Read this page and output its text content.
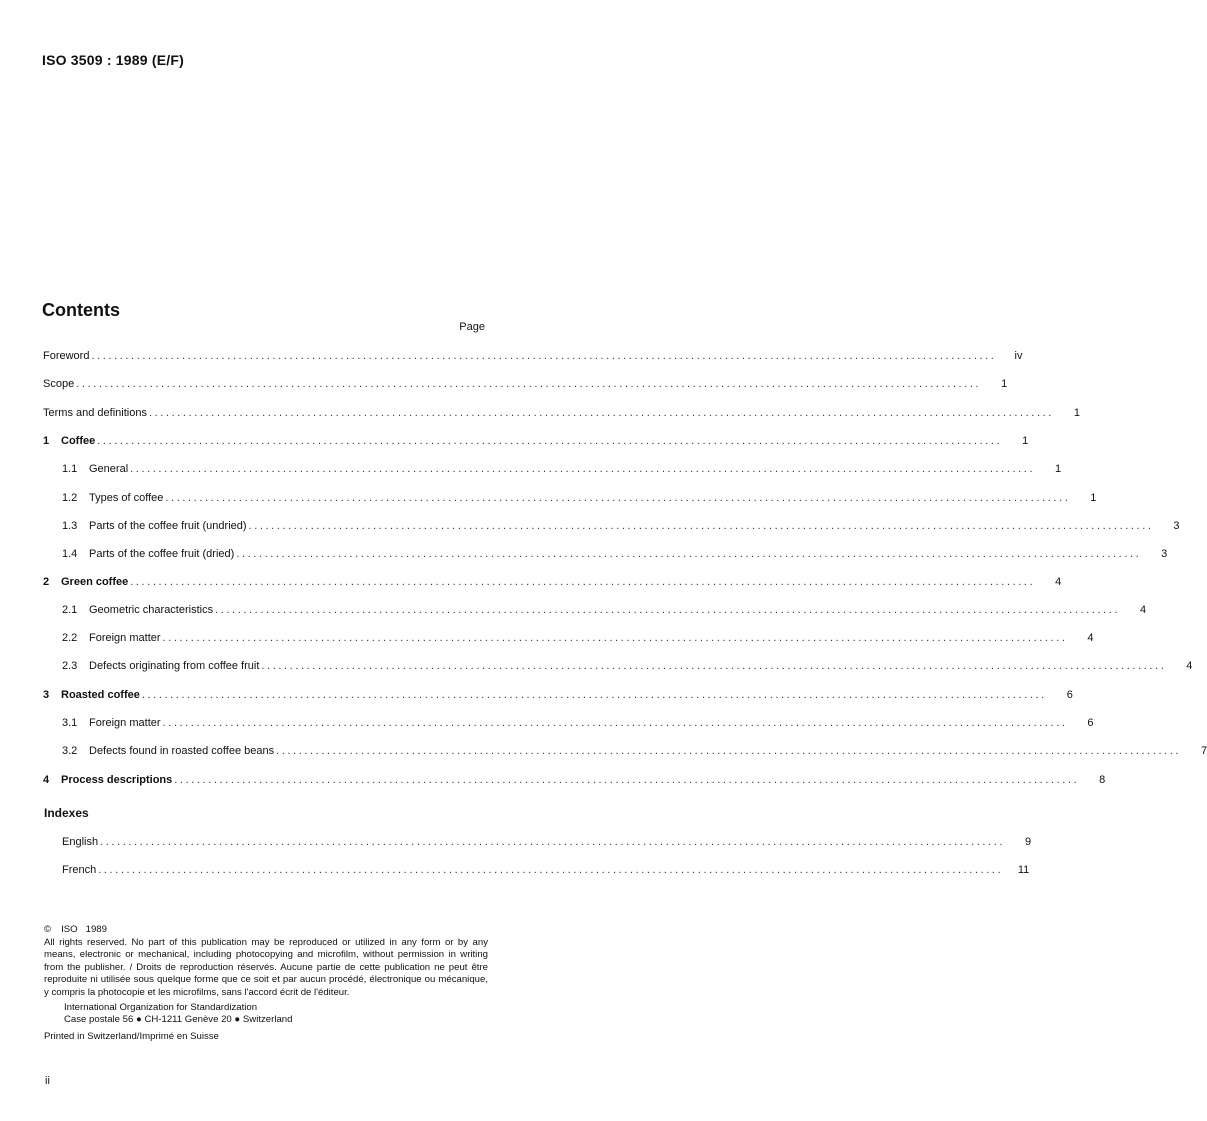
ISO 3509 : 1989 (E/F)
Contents
Page
Foreword ................................................................................................................................................................	iv
Scope ................................................................................................................................................................	1
Terms and definitions ................................................................................................................................................................	1
1	Coffee ................................................................................................................................................................	1
1.1	General ................................................................................................................................................................	1
1.2	Types of coffee ................................................................................................................................................................	1
1.3	Parts of the coffee fruit (undried) ................................................................................................................................................................	3
1.4	Parts of the coffee fruit (dried) ................................................................................................................................................................	3
2	Green coffee ................................................................................................................................................................	4
2.1	Geometric characteristics ................................................................................................................................................................	4
2.2	Foreign matter ................................................................................................................................................................	4
2.3	Defects originating from coffee fruit ................................................................................................................................................................	4
3	Roasted coffee ................................................................................................................................................................	6
3.1	Foreign matter ................................................................................................................................................................	6
3.2	Defects found in roasted coffee beans ................................................................................................................................................................	7
4	Process descriptions ................................................................................................................................................................	8
English ................................................................................................................................................................	9
French ................................................................................................................................................................	11
Indexes
© ISO 1989
All rights reserved. No part of this publication may be reproduced or utilized in any form or by any means, electronic or mechanical, including photocopying and microfilm, without permission in writing from the publisher. / Droits de reproduction réservés. Aucune partie de cette publication ne peut être reproduite ni utilisée sous quelque forme que ce soit et par aucun procédé, électronique ou mécanique, y compris la photocopie et les microfilms, sans l'accord écrit de l'éditeur.
International Organization for Standardization
Case postale 56 ● CH-1211 Genève 20 ● Switzerland
Printed in Switzerland/Imprimé en Suisse
ii
